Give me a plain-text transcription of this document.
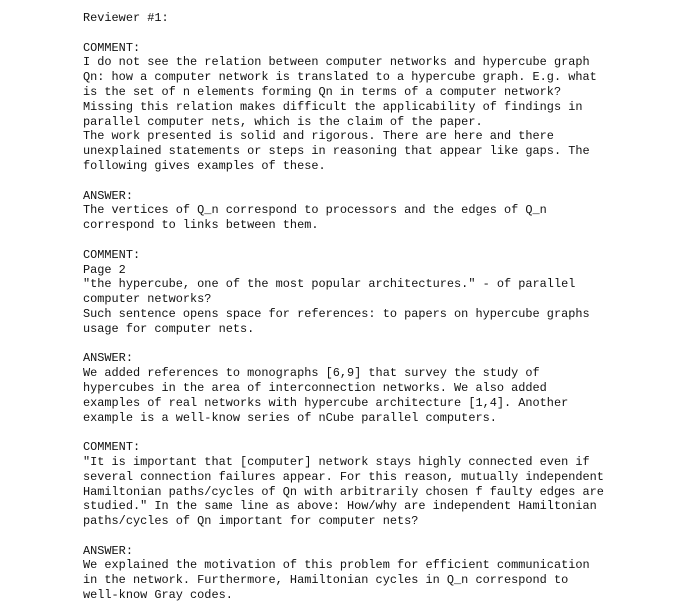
Reviewer #1:
COMMENT:
I do not see the relation between computer networks and hypercube graph
Qn: how a computer network is translated to a hypercube graph. E.g. what
is the set of n elements forming Qn in terms of a computer network?
Missing this relation makes difficult the applicability of findings in
parallel computer nets, which is the claim of the paper.
The work presented is solid and rigorous. There are here and there
unexplained statements or steps in reasoning that appear like gaps. The
following gives examples of these.
ANSWER:
The vertices of Q_n correspond to processors and the edges of Q_n
correspond to links between them.
COMMENT:
Page 2
"the hypercube, one of the most popular architectures." - of parallel
computer networks?
Such sentence opens space for references: to papers on hypercube graphs
usage for computer nets.
ANSWER:
We added references to monographs [6,9] that survey the study of
hypercubes in the area of interconnection networks. We also added
examples of real networks with hypercube architecture [1,4]. Another
example is a well-know series of nCube parallel computers.
COMMENT:
"It is important that [computer] network stays highly connected even if
several connection failures appear. For this reason, mutually independent
Hamiltonian paths/cycles of Qn with arbitrarily chosen f faulty edges are
studied." In the same line as above: How/why are independent Hamiltonian
paths/cycles of Qn important for computer nets?
ANSWER:
We explained the motivation of this problem for efficient communication
in the network. Furthermore, Hamiltonian cycles in Q_n correspond to
well-know Gray codes.
